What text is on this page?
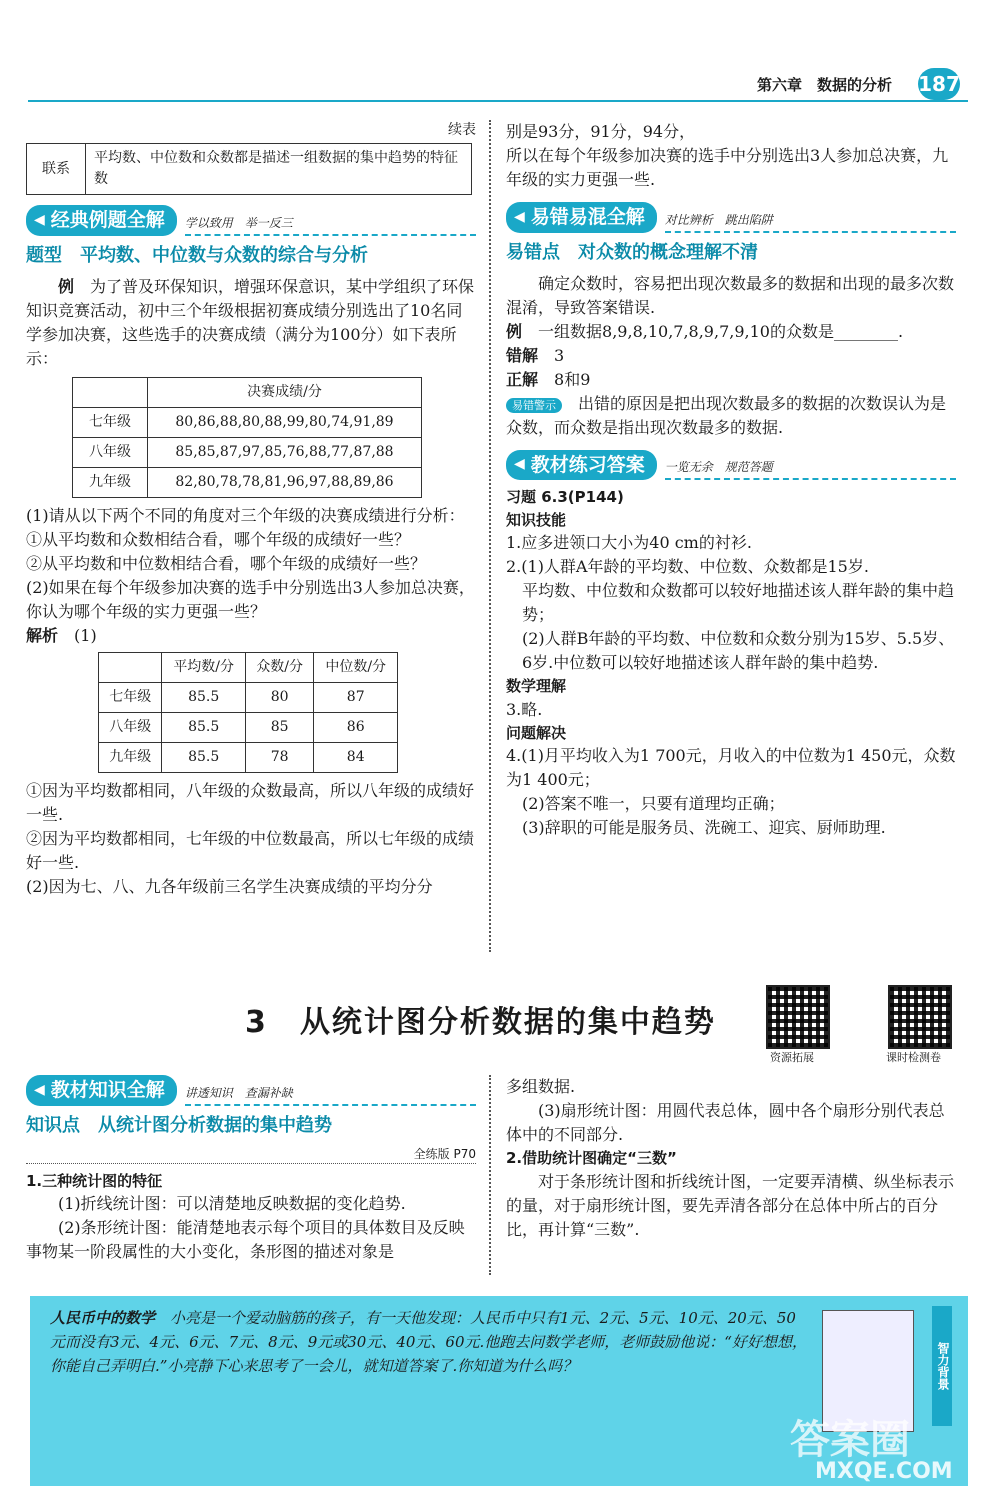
第六章　数据的分析 187
续表
联系	平均数、中位数和众数都是描述一组数据的集中趋势的特征数
◀ 经典例题全解 学以致用　举一反三
题型　平均数、中位数与众数的综合与分析

例　 为了普及环保知识，增强环保意识，某中学组织了环保知识竞赛活动，初中三个年级根据初赛成绩分别选出了10名同学参加决赛，这些选手的决赛成绩（满分为100分）如下表所示：

	决赛成绩/分
七年级	80,86,88,80,88,99,80,74,91,89
八年级	85,85,87,97,85,76,88,77,87,88
九年级	82,80,78,78,81,96,97,88,89,86

(1)请从以下两个不同的角度对三个年级的决赛成绩进行分析：

①从平均数和众数相结合看，哪个年级的成绩好一些？

②从平均数和中位数相结合看，哪个年级的成绩好一些？

(2)如果在每个年级参加决赛的选手中分别选出3人参加总决赛，你认为哪个年级的实力更强一些？

解析　 (1)

	平均数/分	众数/分	中位数/分
七年级	85.5	80	87
八年级	85.5	85	86
九年级	85.5	78	84

①因为平均数都相同，八年级的众数最高，所以八年级的成绩好一些.

②因为平均数都相同，七年级的中位数最高，所以七年级的成绩好一些.

(2)因为七、八、九各年级前三名学生决赛成绩的平均分分

别是93分，91分，94分，

所以在每个年级参加决赛的选手中分别选出3人参加总决赛，九年级的实力更强一些.

◀ 易错易混全解 对比辨析　跳出陷阱
易错点　对众数的概念理解不清

确定众数时，容易把出现次数最多的数据和出现的最多次数混淆，导致答案错误.

例　 一组数据8,9,8,10,7,8,9,7,9,10的众数是________.

错解　 3

正解　 8和9

易错警示　 出错的原因是把出现次数最多的数据的次数误认为是众数，而众数是指出现次数最多的数据.

◀ 教材练习答案 一览无余　规范答题
习题 6.3(P144)
知识技能

1.应多进领口大小为40 cm的衬衫.

2.(1)人群A年龄的平均数、中位数、众数都是15岁.

平均数、中位数和众数都可以较好地描述该人群年龄的集中趋势；

(2)人群B年龄的平均数、中位数和众数分别为15岁、5.5岁、6岁.中位数可以较好地描述该人群年龄的集中趋势.

数学理解

3.略.

问题解决

4.(1)月平均收入为1 700元，月收入的中位数为1 450元，众数为1 400元；

(2)答案不唯一，只要有道理均正确；

(3)辞职的可能是服务员、洗碗工、迎宾、厨师助理.

3　从统计图分析数据的集中趋势
资源拓展	课时检测卷
◀ 教材知识全解 讲透知识　查漏补缺
知识点　从统计图分析数据的集中趋势
全练版 P70
1.三种统计图的特征

(1)折线统计图：可以清楚地反映数据的变化趋势.

(2)条形统计图：能清楚地表示每个项目的具体数目及反映事物某一阶段属性的大小变化，条形图的描述对象是

多组数据.

(3)扇形统计图：用圆代表总体，圆中各个扇形分别代表总体中的不同部分.

2.借助统计图确定“三数”

对于条形统计图和折线统计图，一定要弄清横、纵坐标表示的量，对于扇形统计图，要先弄清各部分在总体中所占的百分比，再计算“三数”.

人民币中的数学　 小亮是一个爱动脑筋的孩子，有一天他发现：人民币中只有1元、2元、5元、10元、20元、50元而没有3元、4元、6元、7元、8元、9元或30元、40元、60元.他跑去问数学老师，老师鼓励他说：“好好想想，你能自己弄明白.”小亮静下心来思考了一会儿，就知道答案了.你知道为什么吗？	智力背景
答案圈
MXQE.COM
